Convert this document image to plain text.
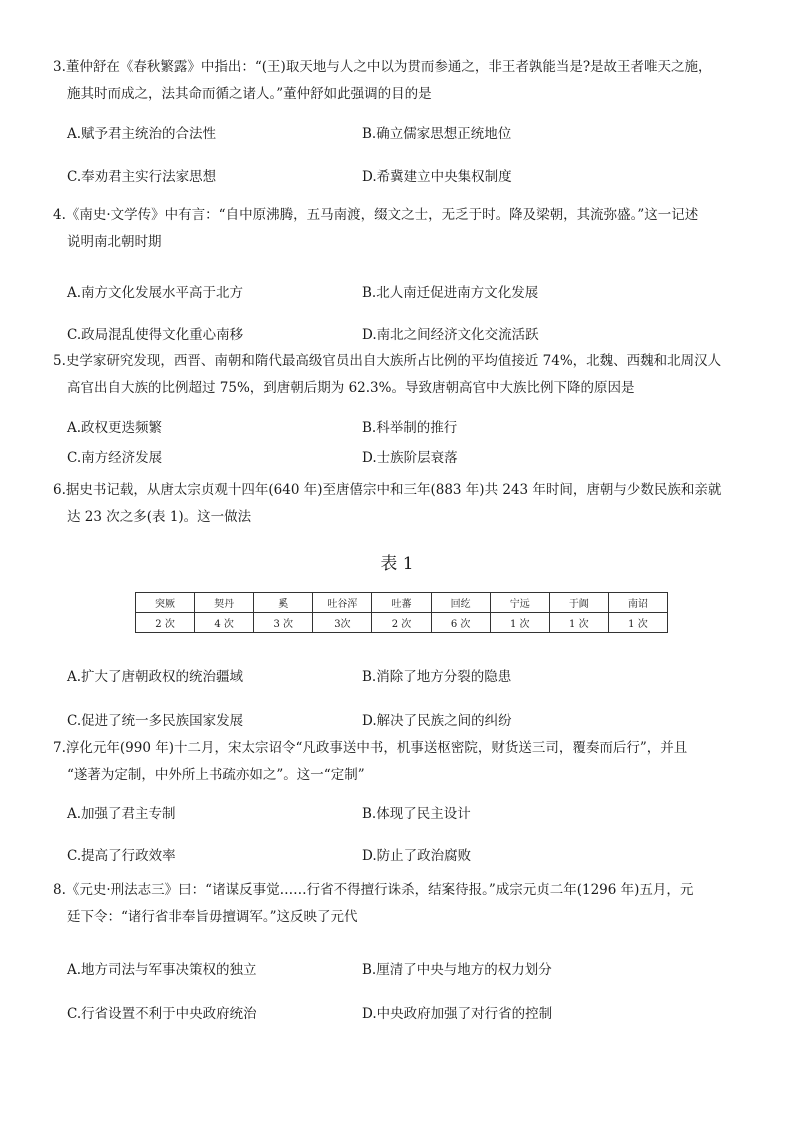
3.董仲舒在《春秋繁露》中指出：“(王)取天地与人之中以为贯而参通之，非王者孰能当是?是故王者唯天之施，

施其时而成之，法其命而循之诸人。”董仲舒如此强调的目的是

A.赋予君主统治的合法性	B.确立儒家思想正统地位
C.奉劝君主实行法家思想	D.希冀建立中央集权制度

4.《南史·文学传》中有言：“自中原沸腾，五马南渡，缀文之士，无乏于时。降及梁朝，其流弥盛。”这一记述

说明南北朝时期

A.南方文化发展水平高于北方	B.北人南迁促进南方文化发展
C.政局混乱使得文化重心南移	D.南北之间经济文化交流活跃

5.史学家研究发现，西晋、南朝和隋代最高级官员出自大族所占比例的平均值接近 74%，北魏、西魏和北周汉人

高官出自大族的比例超过 75%，到唐朝后期为 62.3%。导致唐朝高官中大族比例下降的原因是

A.政权更迭频繁	B.科举制的推行
C.南方经济发展	D.士族阶层衰落

6.据史书记载，从唐太宗贞观十四年(640 年)至唐僖宗中和三年(883 年)共 243 年时间，唐朝与少数民族和亲就

达 23 次之多(表 1)。这一做法

表 1
突厥	契丹	奚	吐谷浑	吐蕃	回纥	宁远	于阗	南诏
2 次	4 次	3 次	3次	2 次	6 次	1 次	1 次	1 次
A.扩大了唐朝政权的统治疆域	B.消除了地方分裂的隐患
C.促进了统一多民族国家发展	D.解决了民族之间的纠纷

7.淳化元年(990 年)十二月，宋太宗诏令“凡政事送中书，机事送枢密院，财货送三司，覆奏而后行”，并且

“遂著为定制，中外所上书疏亦如之”。这一“定制”

A.加强了君主专制	B.体现了民主设计
C.提高了行政效率	D.防止了政治腐败

8.《元史·刑法志三》曰：“诸谋反事觉……行省不得擅行诛杀，结案待报。”成宗元贞二年(1296 年)五月，元

廷下令：“诸行省非奉旨毋擅调军。”这反映了元代

A.地方司法与军事决策权的独立	B.厘清了中央与地方的权力划分
C.行省设置不利于中央政府统治	D.中央政府加强了对行省的控制
